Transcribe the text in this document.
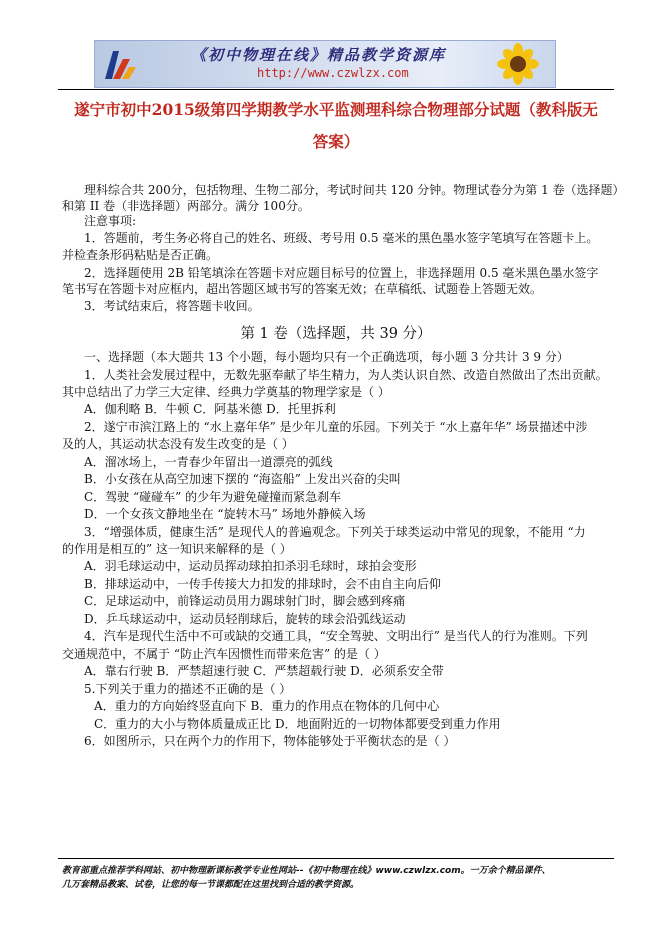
《初中物理在线》精品教学资源库
http://www.czwlzx.com
遂宁市初中2015级第四学期教学水平监测理科综合物理部分试题（教科版无
答案）
理科综合共 200分，包括物理、生物二部分，考试时间共 120 分钟。物理试卷分为第 1 卷（选择题）
和第 II 卷（非选择题）两部分。满分 100分。
注意事项:
1．答题前，考生务必将自己的姓名、班级、考号用 0.5 毫米的黑色墨水签字笔填写在答题卡上。
并检查条形码粘贴是否正确。
2．选择题使用 2B 铅笔填涂在答题卡对应题目标号的位置上，非选择题用 0.5 毫米黑色墨水签字
笔书写在答题卡对应框内，超出答题区域书写的答案无效；在草稿纸、试题卷上答题无效。
3．考试结束后，将答题卡收回。
第 1 卷（选择题，共 39 分）
一、选择题（本大题共 13 个小题，每小题均只有一个正确选项，每小题 3 分共计 3 9 分）
1．人类社会发展过程中，无数先驱奉献了毕生精力，为人类认识自然、改造自然做出了杰出贡献。
其中总结出了力学三大定律、经典力学奠基的物理学家是（ ）
A．伽利略 B．牛顿 C．阿基米德 D．托里拆利
2．遂宁市滨江路上的 “水上嘉年华” 是少年儿童的乐园。下列关于 “水上嘉年华” 场景描述中涉
及的人，其运动状态没有发生改变的是（ ）
A．溜冰场上，一青春少年留出一道漂亮的弧线
B．小女孩在从高空加速下摆的 “海盗船” 上发出兴奋的尖叫
C．驾驶 “碰碰车” 的少年为避免碰撞而紧急刹车
D．一个女孩文静地坐在 “旋转木马” 场地外静候入场
3．“增强体质，健康生活” 是现代人的普遍观念。下列关于球类运动中常见的现象，不能用 “力
的作用是相互的” 这一知识来解释的是（ ）
A．羽毛球运动中，运动员挥动球拍扣杀羽毛球时，球拍会变形
B．排球运动中，一传手传接大力扣发的排球时，会不由自主向后仰
C．足球运动中，前锋运动员用力踢球射门时，脚会感到疼痛
D．乒乓球运动中，运动员轻削球后，旋转的球会沿弧线运动
4．汽车是现代生活中不可或缺的交通工具，“安全驾驶、文明出行” 是当代人的行为准则。下列
交通规范中，不属于 “防止汽车因惯性而带来危害” 的是（ ）
A．靠右行驶 B．严禁超速行驶 C．严禁超载行驶 D．必须系安全带
5.下列关于重力的描述不正确的是（ ）
A．重力的方向始终竖直向下 B．重力的作用点在物体的几何中心
C．重力的大小与物体质量成正比 D．地面附近的一切物体都要受到重力作用
6．如图所示，只在两个力的作用下，物体能够处于平衡状态的是（ ）
教育部重点推荐学科网站、初中物理新课标教学专业性网站--《初中物理在线》www.czwlzx.com。一万余个精品课件、
几万套精品教案、试卷，让您的每一节课都配在这里找到合适的教学资源。
